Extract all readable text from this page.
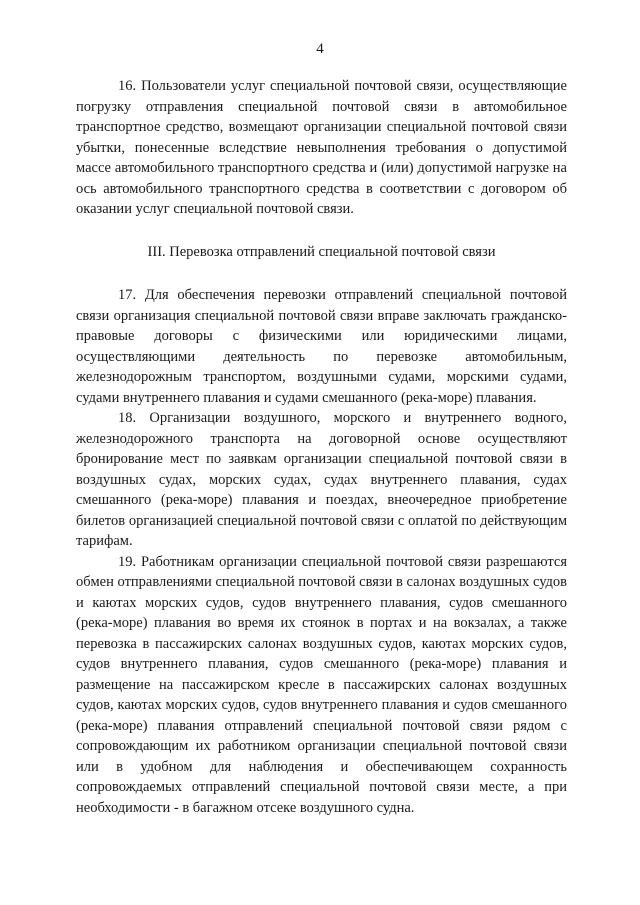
4

16. Пользователи услуг специальной почтовой связи, осуществляющие погрузку отправления специальной почтовой связи в автомобильное транспортное средство, возмещают организации специальной почтовой связи убытки, понесенные вследствие невыполнения требования о допустимой массе автомобильного транспортного средства и (или) допустимой нагрузке на ось автомобильного транспортного средства в соответствии с договором об оказании услуг специальной почтовой связи.

III. Перевозка отправлений специальной почтовой связи

17. Для обеспечения перевозки отправлений специальной почтовой связи организация специальной почтовой связи вправе заключать гражданско-правовые договоры с физическими или юридическими лицами, осуществляющими деятельность по перевозке автомобильным, железнодорожным транспортом, воздушными судами, морскими судами, судами внутреннего плавания и судами смешанного (река-море) плавания.

18. Организации воздушного, морского и внутреннего водного, железнодорожного транспорта на договорной основе осуществляют бронирование мест по заявкам организации специальной почтовой связи в воздушных судах, морских судах, судах внутреннего плавания, судах смешанного (река-море) плавания и поездах, внеочередное приобретение билетов организацией специальной почтовой связи с оплатой по действующим тарифам.

19. Работникам организации специальной почтовой связи разрешаются обмен отправлениями специальной почтовой связи в салонах воздушных судов и каютах морских судов, судов внутреннего плавания, судов смешанного (река-море) плавания во время их стоянок в портах и на вокзалах, а также перевозка в пассажирских салонах воздушных судов, каютах морских судов, судов внутреннего плавания, судов смешанного (река-море) плавания и размещение на пассажирском кресле в пассажирских салонах воздушных судов, каютах морских судов, судов внутреннего плавания и судов смешанного (река-море) плавания отправлений специальной почтовой связи рядом с сопровождающим их работником организации специальной почтовой связи или в удобном для наблюдения и обеспечивающем сохранность сопровождаемых отправлений специальной почтовой связи месте, а при необходимости - в багажном отсеке воздушного судна.
